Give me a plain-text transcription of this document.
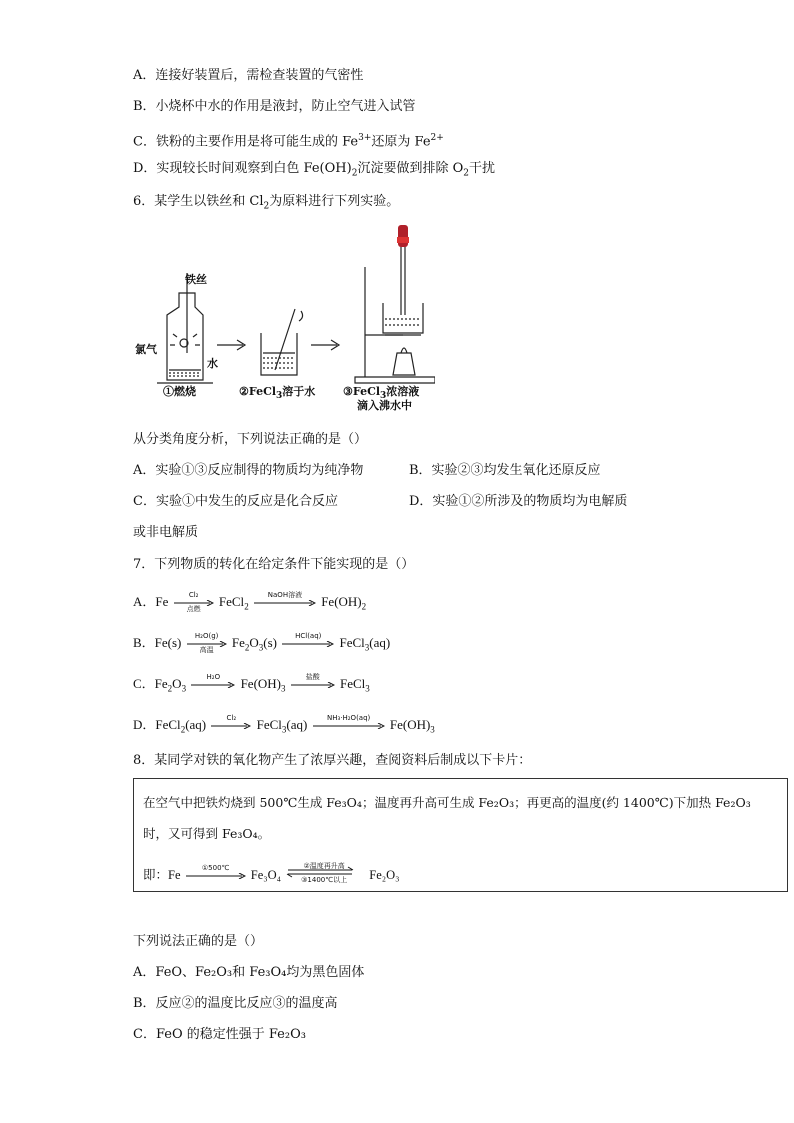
A．连接好装置后，需检查装置的气密性
B．小烧杯中水的作用是液封，防止空气进入试管
C．铁粉的主要作用是将可能生成的 $Fe^{3+}$还原为 $Fe^{2+}$
D．实现较长时间观察到白色 $Fe(OH)_2$沉淀要做到排除 $O_2$干扰
6．某学生以铁丝和 $Cl_2$为原料进行下列实验。
铁丝
氯气
水
①燃烧	②FeCl$_3$溶于水	③FeCl$_3$浓溶液
滴入沸水中
从分类角度分析，下列说法正确的是（）
A．实验①③反应制得的物质均为纯净物	B．实验②③均发生氧化还原反应
C．实验①中发生的反应是化合反应	D．实验①②所涉及的物质均为电解质
或非电解质
7．下列物质的转化在给定条件下能实现的是（）
A．Fe	Cl₂
点燃
FeCl$_2$
NaOH溶液	$Fe(OH)_2$
B．Fe(s)	H₂O(g)
高温
$Fe_2O_3(s)$	HCl(aq)	FeCl$_3$(aq)
C．$Fe_2O_3$
H₂O	$Fe(OH)_3$
盐酸	FeCl$_3$
D．FeCl$_2$(aq)	Cl₂	FeCl$_3$(aq)	NH₃·H₂O(aq)	$Fe(OH)_3$
8．某同学对铁的氧化物产生了浓厚兴趣，查阅资料后制成以下卡片：
在空气中把铁灼烧到 500℃生成 Fe₃O₄；温度再升高可生成 Fe₂O₃；再更高的温度(约 1400℃)下加热 Fe₂O₃
时，又可得到 Fe₃O₄。
即：Fe	①500℃	Fe₃O₄
②温度再升高
③1400℃以上	Fe₂O₃
下列说法正确的是（）
A．FeO、Fe₂O₃和 Fe₃O₄均为黑色固体
B．反应②的温度比反应③的温度高
C．FeO 的稳定性强于 Fe₂O₃
